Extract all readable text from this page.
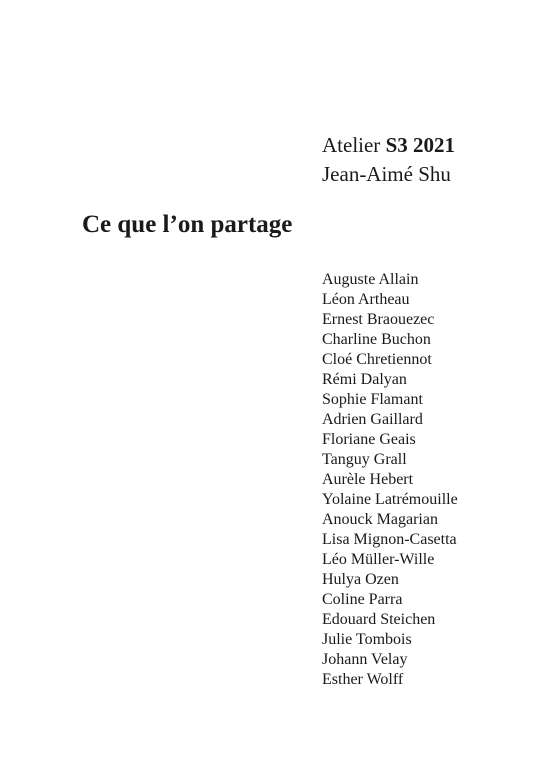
Atelier S3 2021
Jean-Aimé Shu
Ce que l’on partage
Auguste Allain
Léon Artheau
Ernest Braouezec
Charline Buchon
Cloé Chretiennot
Rémi Dalyan
Sophie Flamant
Adrien Gaillard
Floriane Geais
Tanguy Grall
Aurèle Hebert
Yolaine Latrémouille
Anouck Magarian
Lisa Mignon-Casetta
Léo Müller-Wille
Hulya Ozen
Coline Parra
Edouard Steichen
Julie Tombois
Johann Velay
Esther Wolff
